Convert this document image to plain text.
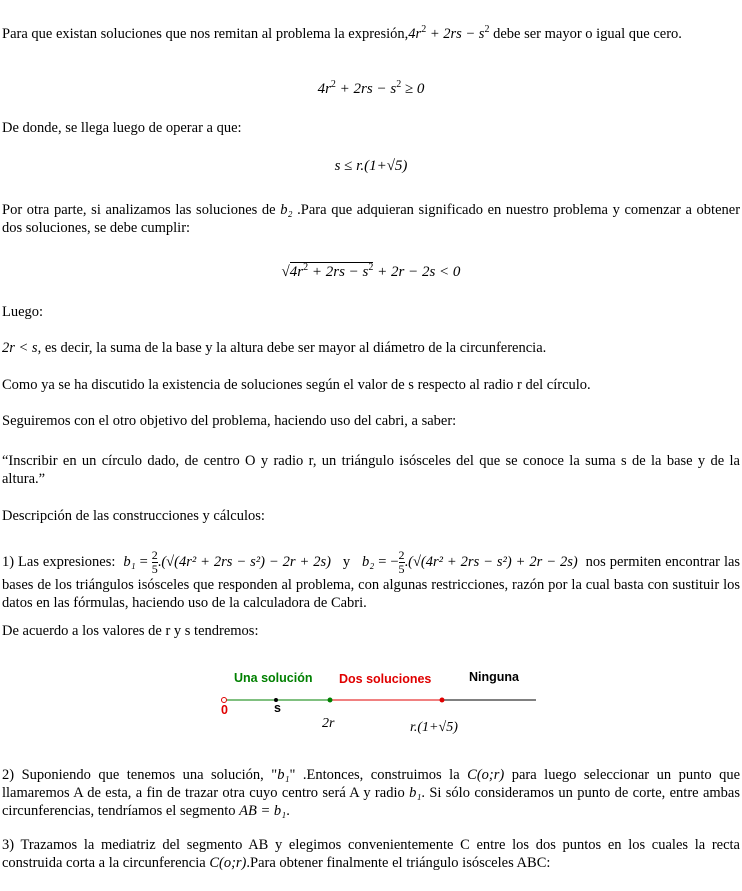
Para que existan soluciones que nos remitan al problema la $expresión,4r^2 + 2rs - s^2$ debe ser mayor o igual que cero.
$4r^2 + 2rs - s^2 \ge 0$
De donde, se llega luego de operar a que:
s ≤ r.(1+√5)
Por otra parte, si analizamos las soluciones de b₂ .Para que adquieran significado en nuestro problema y comenzar a obtener dos soluciones, se debe cumplir:
$√4r^2 + 2rs - s^2 + 2r - 2s < 0$
Luego:
2r < s, es decir, la suma de la base y la altura debe ser mayor al diámetro de la circunferencia.
Como ya se ha discutido la existencia de soluciones según el valor de s respecto al radio r del círculo.
Seguiremos con el otro objetivo del problema, haciendo uso del cabri, a saber:
“Inscribir en un círculo dado, de centro O y radio r, un triángulo isósceles del que se conoce la suma s de la base y de la altura.”
Descripción de las construcciones y cálculos:
1) Las expresiones: $b_1 = \frac{2}{5} .(√(4r^2 + 2rs - s^2) - 2r + 2s)$ y b₂ = − $\frac{2}{5} .(√(4r^2 + 2rs - s^2) + 2r - 2s)$ nos permiten encontrar las bases de los triángulos isósceles que responden al problema, con algunas restricciones, razón por la cual basta con sustituir los datos en las fórmulas, haciendo uso de la calculadora de Cabri.
De acuerdo a los valores de r y s tendremos:
Una solución Dos soluciones	Ninguna
0	s
2r	r.(1+√5)
2) Suponiendo que tenemos una solución, "b₁" .Entonces, construimos la C(o;r) para luego seleccionar un punto que llamaremos A de esta, a fin de trazar otra cuyo centro será A y radio b₁. Si sólo consideramos un punto de corte, entre ambas circunferencias, tendríamos el segmento AB = b₁.
3) Trazamos la mediatriz del segmento AB y elegimos convenientemente C entre los dos puntos en los cuales la recta construida corta a la circunferencia C(o;r).Para obtener finalmente el triángulo isósceles ABC:
